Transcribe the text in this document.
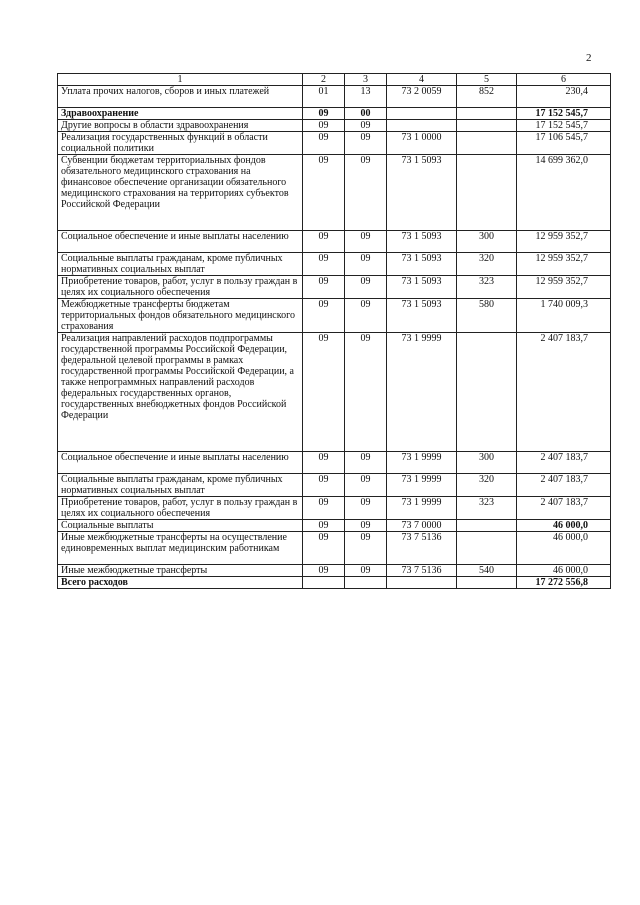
2
1	2	3	4	5	6
Уплата прочих налогов, сборов и иных платежей	01	13	73 2 0059	852	230,4
Здравоохранение	09	00			17 152 545,7
Другие вопросы в области здравоохранения	09	09			17 152 545,7
Реализация государственных функций в области социальной политики	09	09	73 1 0000		17 106 545,7
Субвенции бюджетам территориальных фондов обязательного медицинского страхования на финансовое обеспечение организации обязательного медицинского страхования на территориях субъектов Российской Федерации	09	09	73 1 5093		14 699 362,0
Социальное обеспечение и иные выплаты населению	09	09	73 1 5093	300	12 959 352,7
Социальные выплаты гражданам, кроме публичных нормативных социальных выплат	09	09	73 1 5093	320	12 959 352,7
Приобретение товаров, работ, услуг в пользу граждан в целях их социального обеспечения	09	09	73 1 5093	323	12 959 352,7
Межбюджетные трансферты бюджетам территориальных фондов обязательного медицинского страхования	09	09	73 1 5093	580	1 740 009,3
Реализация направлений расходов подпрограммы государственной программы Российской Федерации, федеральной целевой программы в рамках государственной программы Российской Федерации, а также непрограммных направлений расходов федеральных государственных органов, государственных внебюджетных фондов Российской Федерации	09	09	73 1 9999		2 407 183,7
Социальное обеспечение и иные выплаты населению	09	09	73 1 9999	300	2 407 183,7
Социальные выплаты гражданам, кроме публичных нормативных социальных выплат	09	09	73 1 9999	320	2 407 183,7
Приобретение товаров, работ, услуг в пользу граждан в целях их социального обеспечения	09	09	73 1 9999	323	2 407 183,7
Социальные выплаты	09	09	73 7 0000		46 000,0
Иные межбюджетные трансферты на осуществление единовременных выплат медицинским работникам	09	09	73 7 5136		46 000,0
Иные межбюджетные трансферты	09	09	73 7 5136	540	46 000,0
Всего расходов					17 272 556,8
